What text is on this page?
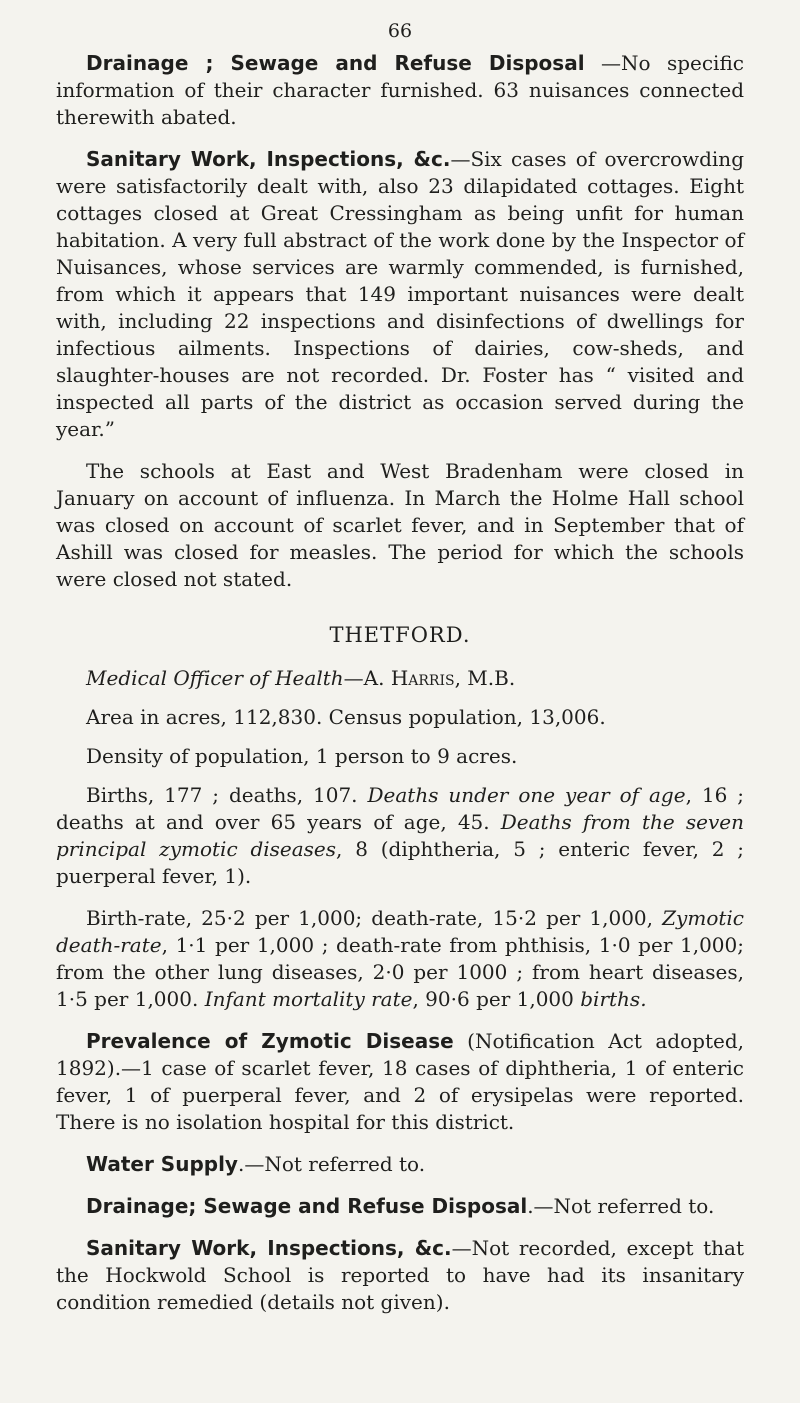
66

Drainage ; Sewage and Refuse Disposal —No specific information of their character furnished. 63 nuisances connected therewith abated.

Sanitary Work, Inspections, &c.—Six cases of overcrowding were satisfactorily dealt with, also 23 dilapidated cottages. Eight cottages closed at Great Cressingham as being unfit for human habitation. A very full abstract of the work done by the Inspector of Nuisances, whose services are warmly commended, is furnished, from which it appears that 149 important nuisances were dealt with, including 22 inspections and disinfections of dwellings for infectious ailments. Inspections of dairies, cow-sheds, and slaughter-houses are not recorded. Dr. Foster has “ visited and inspected all parts of the district as occasion served during the year.”

The schools at East and West Bradenham were closed in January on account of influenza. In March the Holme Hall school was closed on account of scarlet fever, and in September that of Ashill was closed for measles. The period for which the schools were closed not stated.

THETFORD.

Medical Officer of Health—A. Harris, M.B.

Area in acres, 112,830. Census population, 13,006.

Density of population, 1 person to 9 acres.

Births, 177 ; deaths, 107. Deaths under one year of age, 16 ; deaths at and over 65 years of age, 45. Deaths from the seven principal zymotic diseases, 8 (diphtheria, 5 ; enteric fever, 2 ; puerperal fever, 1).

Birth-rate, 25·2 per 1,000; death-rate, 15·2 per 1,000, Zymotic death-rate, 1·1 per 1,000 ; death-rate from phthisis, 1·0 per 1,000; from the other lung diseases, 2·0 per 1000 ; from heart diseases, 1·5 per 1,000. Infant mortality rate, 90·6 per 1,000 births.

Prevalence of Zymotic Disease (Notification Act adopted, 1892).—1 case of scarlet fever, 18 cases of diphtheria, 1 of enteric fever, 1 of puerperal fever, and 2 of erysipelas were reported. There is no isolation hospital for this district.

Water Supply.—Not referred to.

Drainage; Sewage and Refuse Disposal.—Not referred to.

Sanitary Work, Inspections, &c.—Not recorded, except that the Hockwold School is reported to have had its insanitary condition remedied (details not given).
